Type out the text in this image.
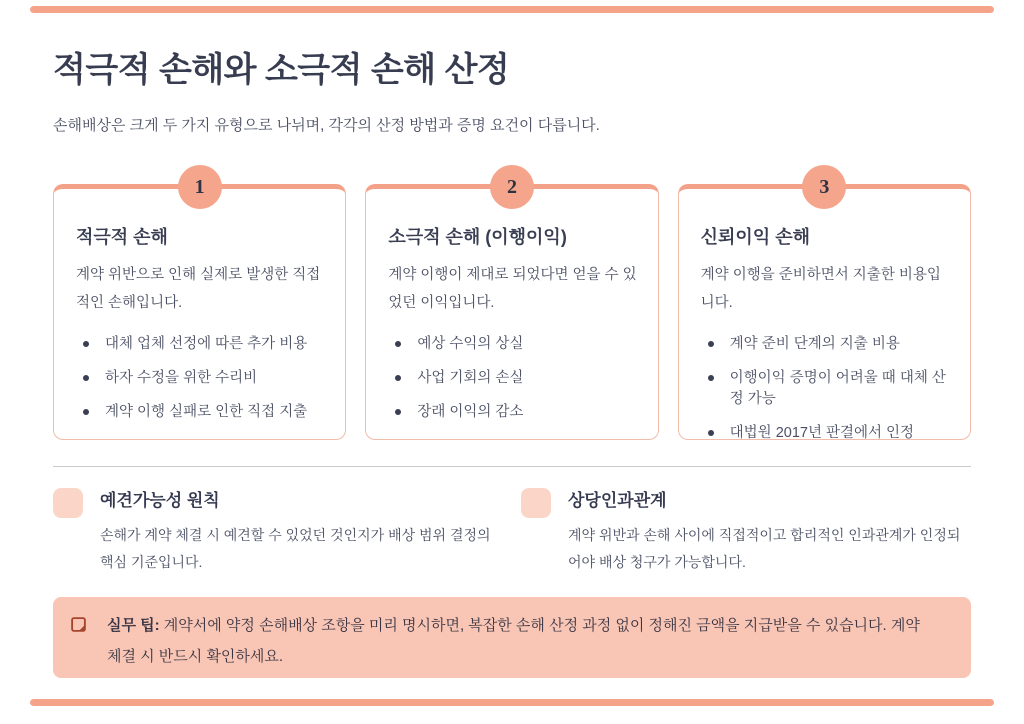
적극적 손해와 소극적 손해 산정

손해배상은 크게 두 가지 유형으로 나뉘며, 각각의 산정 방법과 증명 요건이 다릅니다.

1
적극적 손해
계약 위반으로 인해 실제로 발생한 직접적인 손해입니다.
대체 업체 선정에 따른 추가 비용
하자 수정을 위한 수리비
계약 이행 실패로 인한 직접 지출
2
소극적 손해 (이행이익)
계약 이행이 제대로 되었다면 얻을 수 있었던 이익입니다.
예상 수익의 상실
사업 기회의 손실
장래 이익의 감소
3
신뢰이익 손해
계약 이행을 준비하면서 지출한 비용입니다.
계약 준비 단계의 지출 비용
이행이익 증명이 어려울 때 대체 산정 가능
대법원 2017년 판결에서 인정
예견가능성 원칙
손해가 계약 체결 시 예견할 수 있었던 것인지가 배상 범위 결정의 핵심 기준입니다.
상당인과관계
계약 위반과 손해 사이에 직접적이고 합리적인 인과관계가 인정되어야 배상 청구가 가능합니다.

실무 팁: 계약서에 약정 손해배상 조항을 미리 명시하면, 복잡한 손해 산정 과정 없이 정해진 금액을 지급받을 수 있습니다. 계약 체결 시 반드시 확인하세요.
